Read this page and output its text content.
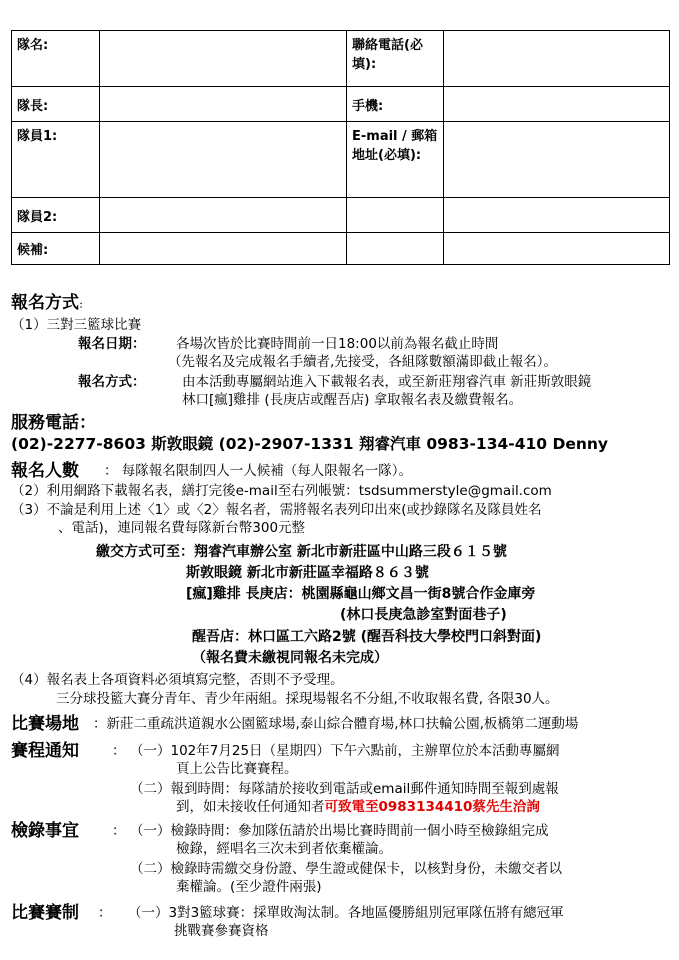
隊名:		聯絡電話(必填):	
隊長:		手機:	
隊員1:		E-mail / 郵箱地址(必填):	
隊員2:			
候補:			
報名方式：
（1）三對三籃球比賽
報名日期： 各場次皆於比賽時間前一日18:00以前為報名截止時間
（先報名及完成報名手續者,先接受，各組隊數額滿即截止報名）。
報名方式：	由本活動專屬網站進入下載報名表，或至新莊翔睿汽車 新莊斯敦眼鏡
林口[瘋]雞排 (長庚店或醒吾店) 拿取報名表及繳費報名。
服務電話：
(02)-2277-8603 斯敦眼鏡 (02)-2907-1331 翔睿汽車 0983-134-410 Denny
報名人數 ： 每隊報名限制四人一人候補（每人限報名一隊）。
（2）利用網路下載報名表，繕打完後e-mail至右列帳號：tsdsummerstyle@gmail.com
（3）不論是利用上述〈1〉或〈2〉報名者，需將報名表列印出來(或抄錄隊名及隊員姓名
、電話)，連同報名費每隊新台幣300元整
繳交方式可至：翔睿汽車辦公室 新北市新莊區中山路三段６１５號
斯敦眼鏡 新北市新莊區幸福路８６３號
[瘋]雞排 長庚店：桃園縣龜山鄉文昌一街8號合作金庫旁
(林口長庚急診室對面巷子)
醒吾店：林口區工六路2號 (醒吾科技大學校門口斜對面)
（報名費未繳視同報名未完成）
（4）報名表上各項資料必須填寫完整，否則不予受理。
三分球投籃大賽分青年、青少年兩組。採現場報名不分組,不收取報名費, 各限30人。
比賽場地 ：新莊二重疏洪道親水公園籃球場,泰山綜合體育場,林口扶輪公園,板橋第二運動場
賽程通知 ： （一）102年7月25日（星期四）下午六點前，主辦單位於本活動專屬網
頁上公告比賽賽程。
（二）報到時間：每隊請於接收到電話或email郵件通知時間至報到處報
到，如未接收任何通知者可致電至0983134410蔡先生洽詢
檢錄事宜 ： （一）檢錄時間：參加隊伍請於出場比賽時間前一個小時至檢錄組完成
檢錄，經唱名三次未到者依棄權論。
（二）檢錄時需繳交身份證、學生證或健保卡，以核對身份，未繳交者以
棄權論。(至少證件兩張)
比賽賽制 ： （一）3對3籃球賽：採單敗淘汰制。各地區優勝組別冠軍隊伍將有總冠軍
挑戰賽參賽資格
